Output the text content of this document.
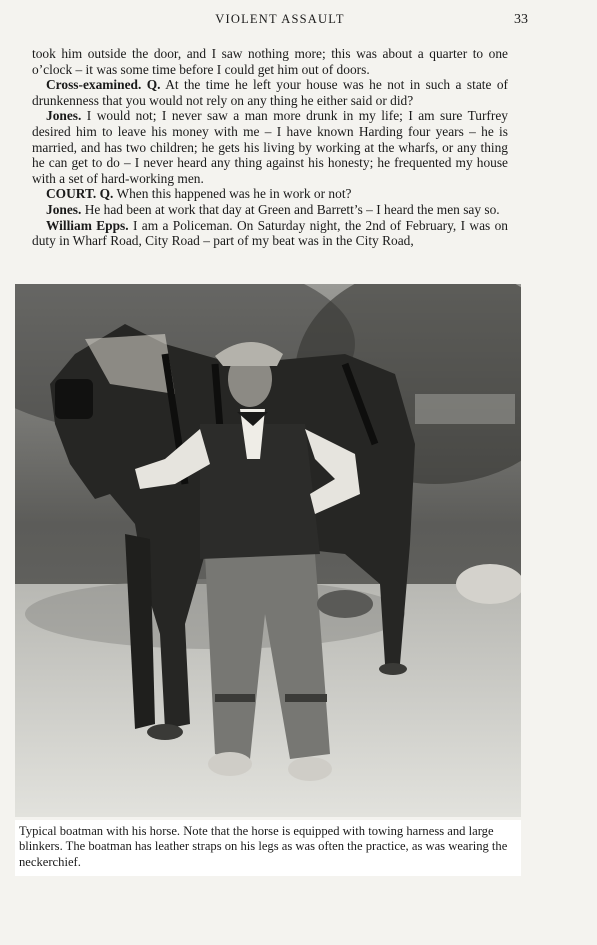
VIOLENT ASSAULT	33

took him outside the door, and I saw nothing more; this was about a quarter to one o’clock – it was some time before I could get him out of doors.

Cross-examined. Q. At the time he left your house was he not in such a state of drunkenness that you would not rely on any thing he either said or did?

Jones. I would not; I never saw a man more drunk in my life; I am sure Turfrey desired him to leave his money with me – I have known Harding four years – he is married, and has two children; he gets his living by working at the wharfs, or any thing he can get to do – I never heard any thing against his honesty; he frequented my house with a set of hard-working men.

COURT. Q. When this happened was he in work or not?

Jones. He had been at work that day at Green and Barrett’s – I heard the men say so.

William Epps. I am a Policeman. On Saturday night, the 2nd of February, I was on duty in Wharf Road, City Road – part of my beat was in the City Road,

Typical boatman with his horse. Note that the horse is equipped with towing harness and large blinkers. The boatman has leather straps on his legs as was often the practice, as was wearing the neckerchief.
